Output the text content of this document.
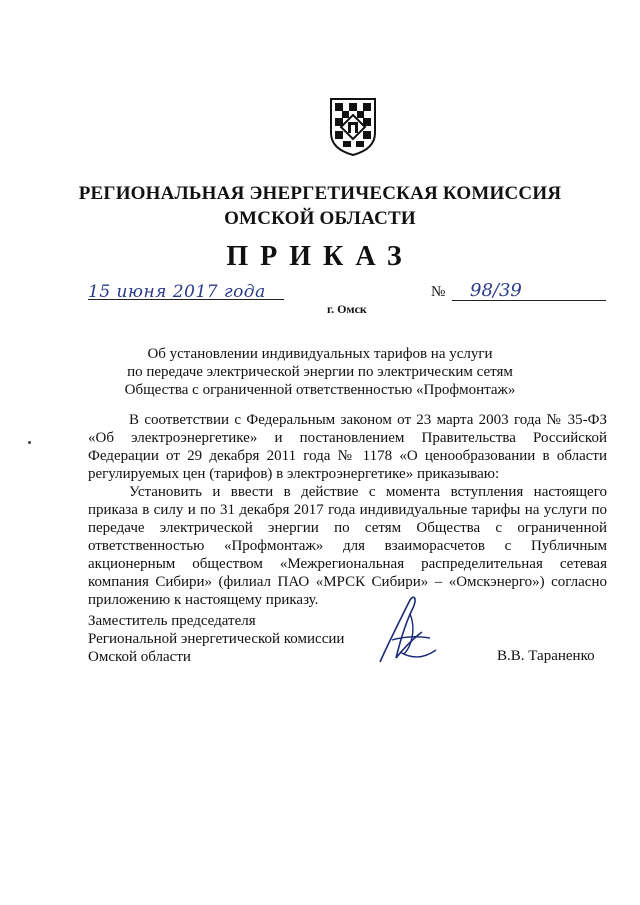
РЕГИОНАЛЬНАЯ ЭНЕРГЕТИЧЕСКАЯ КОМИССИЯ
ОМСКОЙ ОБЛАСТИ
ПРИКАЗ
15 июня 2017 года
г. Омск
№ 98/39
Об установлении индивидуальных тарифов на услуги
по передаче электрической энергии по электрическим сетям
Общества с ограниченной ответственностью «Профмонтаж»

В соответствии с Федеральным законом от 23 марта 2003 года № 35-ФЗ «Об электроэнергетике» и постановлением Правительства Российской Федерации от 29 декабря 2011 года № 1178 «О ценообразовании в области регулируемых цен (тарифов) в электроэнергетике» приказываю:

Установить и ввести в действие с момента вступления настоящего приказа в силу и по 31 декабря 2017 года индивидуальные тарифы на услуги по передаче электрической энергии по сетям Общества с ограниченной ответственностью «Профмонтаж» для взаиморасчетов с Публичным акционерным обществом «Межрегиональная распределительная сетевая компания Сибири» (филиал ПАО «МРСК Сибири» – «Омскэнерго») согласно приложению к настоящему приказу.

Заместитель председателя
Региональной энергетической комиссии
Омской области	В.В. Тараненко
